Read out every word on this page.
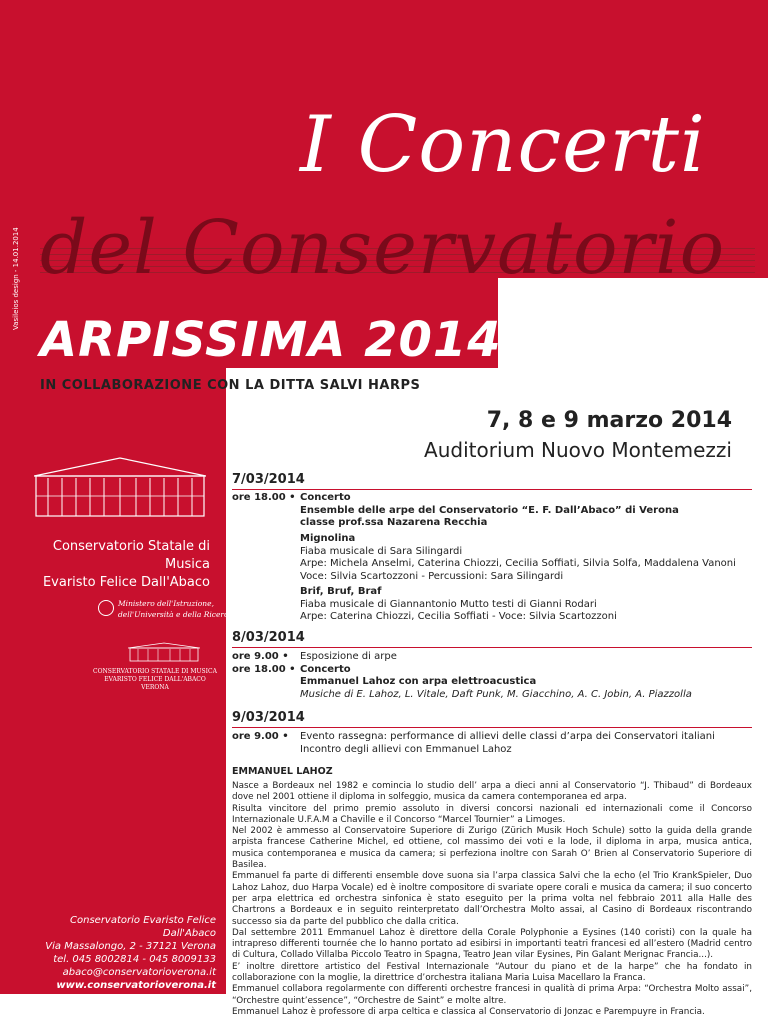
I Concerti
del Conservatorio
ARPISSIMA 2014
Vasileios design - 14.01.2014
IN COLLABORAZIONE CON LA DITTA SALVI HARPS
7, 8 e 9 marzo 2014
Auditorium Nuovo Montemezzi
Conservatorio Statale di Musica
Evaristo Felice Dall'Abaco
Ministero dell'Istruzione,
dell'Università e della Ricerca
CONSERVATORIO STATALE DI MUSICA
EVARISTO FELICE DALL'ABACO
VERONA
Conservatorio Evaristo Felice Dall'Abaco
Via Massalongo, 2 - 37121 Verona
tel. 045 8002814 - 045 8009133
abaco@conservatorioverona.it
www.conservatorioverona.it
7/03/2014
ore 18.00 • Concerto
Ensemble delle arpe del Conservatorio “E. F. Dall’Abaco” di Verona
classe prof.ssa Nazarena Recchia
Mignolina
Fiaba musicale di Sara Silingardi
Arpe: Michela Anselmi, Caterina Chiozzi, Cecilia Soffiati, Silvia Solfa, Maddalena Vanoni
Voce: Silvia Scartozzoni - Percussioni: Sara Silingardi
Brif, Bruf, Braf
Fiaba musicale di Giannantonio Mutto testi di Gianni Rodari
Arpe: Caterina Chiozzi, Cecilia Soffiati - Voce: Silvia Scartozzoni
8/03/2014
ore 9.00 •	Esposizione di arpe
ore 18.00 • Concerto
Emmanuel Lahoz con arpa elettroacustica
Musiche di E. Lahoz, L. Vitale, Daft Punk, M. Giacchino, A. C. Jobin, A. Piazzolla
9/03/2014
ore 9.00 •	Evento rassegna: performance di allievi delle classi d’arpa dei Conservatori italiani
Incontro degli allievi con Emmanuel Lahoz
EMMANUEL LAHOZ
Nasce a Bordeaux nel 1982 e comincia lo studio dell’ arpa a dieci anni al Conservatorio “J. Thibaud” di Bordeaux dove nel 2001 ottiene il diploma in solfeggio, musica da camera contemporanea ed arpa.
Risulta vincitore del primo premio assoluto in diversi concorsi nazionali ed internazionali come il Concorso Internazionale U.F.A.M a Chaville e il Concorso “Marcel Tournier” a Limoges.
Nel 2002 è ammesso al Conservatoire Superiore di Zurigo (Zürich Musik Hoch Schule) sotto la guida della grande arpista francese Catherine Michel, ed ottiene, col massimo dei voti e la lode, il diploma in arpa, musica antica, musica contemporanea e musica da camera; si perfeziona inoltre con Sarah O’ Brien al Conservatorio Superiore di Basilea.
Emmanuel fa parte di differenti ensemble dove suona sia l’arpa classica Salvi che la echo (el Trio KrankSpieler, Duo Lahoz Lahoz, duo Harpa Vocale) ed è inoltre compositore di svariate opere corali e musica da camera; il suo concerto per arpa elettrica ed orchestra sinfonica è stato eseguito per la prima volta nel febbraio 2011 alla Halle des Chartrons a Bordeaux e in seguito reinterpretato dall’Orchestra Molto assai, al Casino di Bordeaux riscontrando successo sia da parte del pubblico che dalla critica.
Dal settembre 2011 Emmanuel Lahoz è direttore della Corale Polyphonie a Eysines (140 coristi) con la quale ha intrapreso differenti tournée che lo hanno portato ad esibirsi in importanti teatri francesi ed all’estero (Madrid centro di Cultura, Collado Villalba Piccolo Teatro in Spagna, Teatro Jean vilar Eysines, Pin Galant Merignac Francia...).
E’ inoltre direttore artistico del Festival Internazionale “Autour du piano et de la harpe” che ha fondato in collaborazione con la moglie, la direttrice d’orchestra italiana Maria Luisa Macellaro la Franca.
Emmanuel collabora regolarmente con differenti orchestre francesi in qualità di prima Arpa: “Orchestra Molto assai”, “Orchestre quint’essence”, “Orchestre de Saint” e molte altre.
Emmanuel Lahoz è professore di arpa celtica e classica al Conservatorio di Jonzac e Parempuyre in Francia.
